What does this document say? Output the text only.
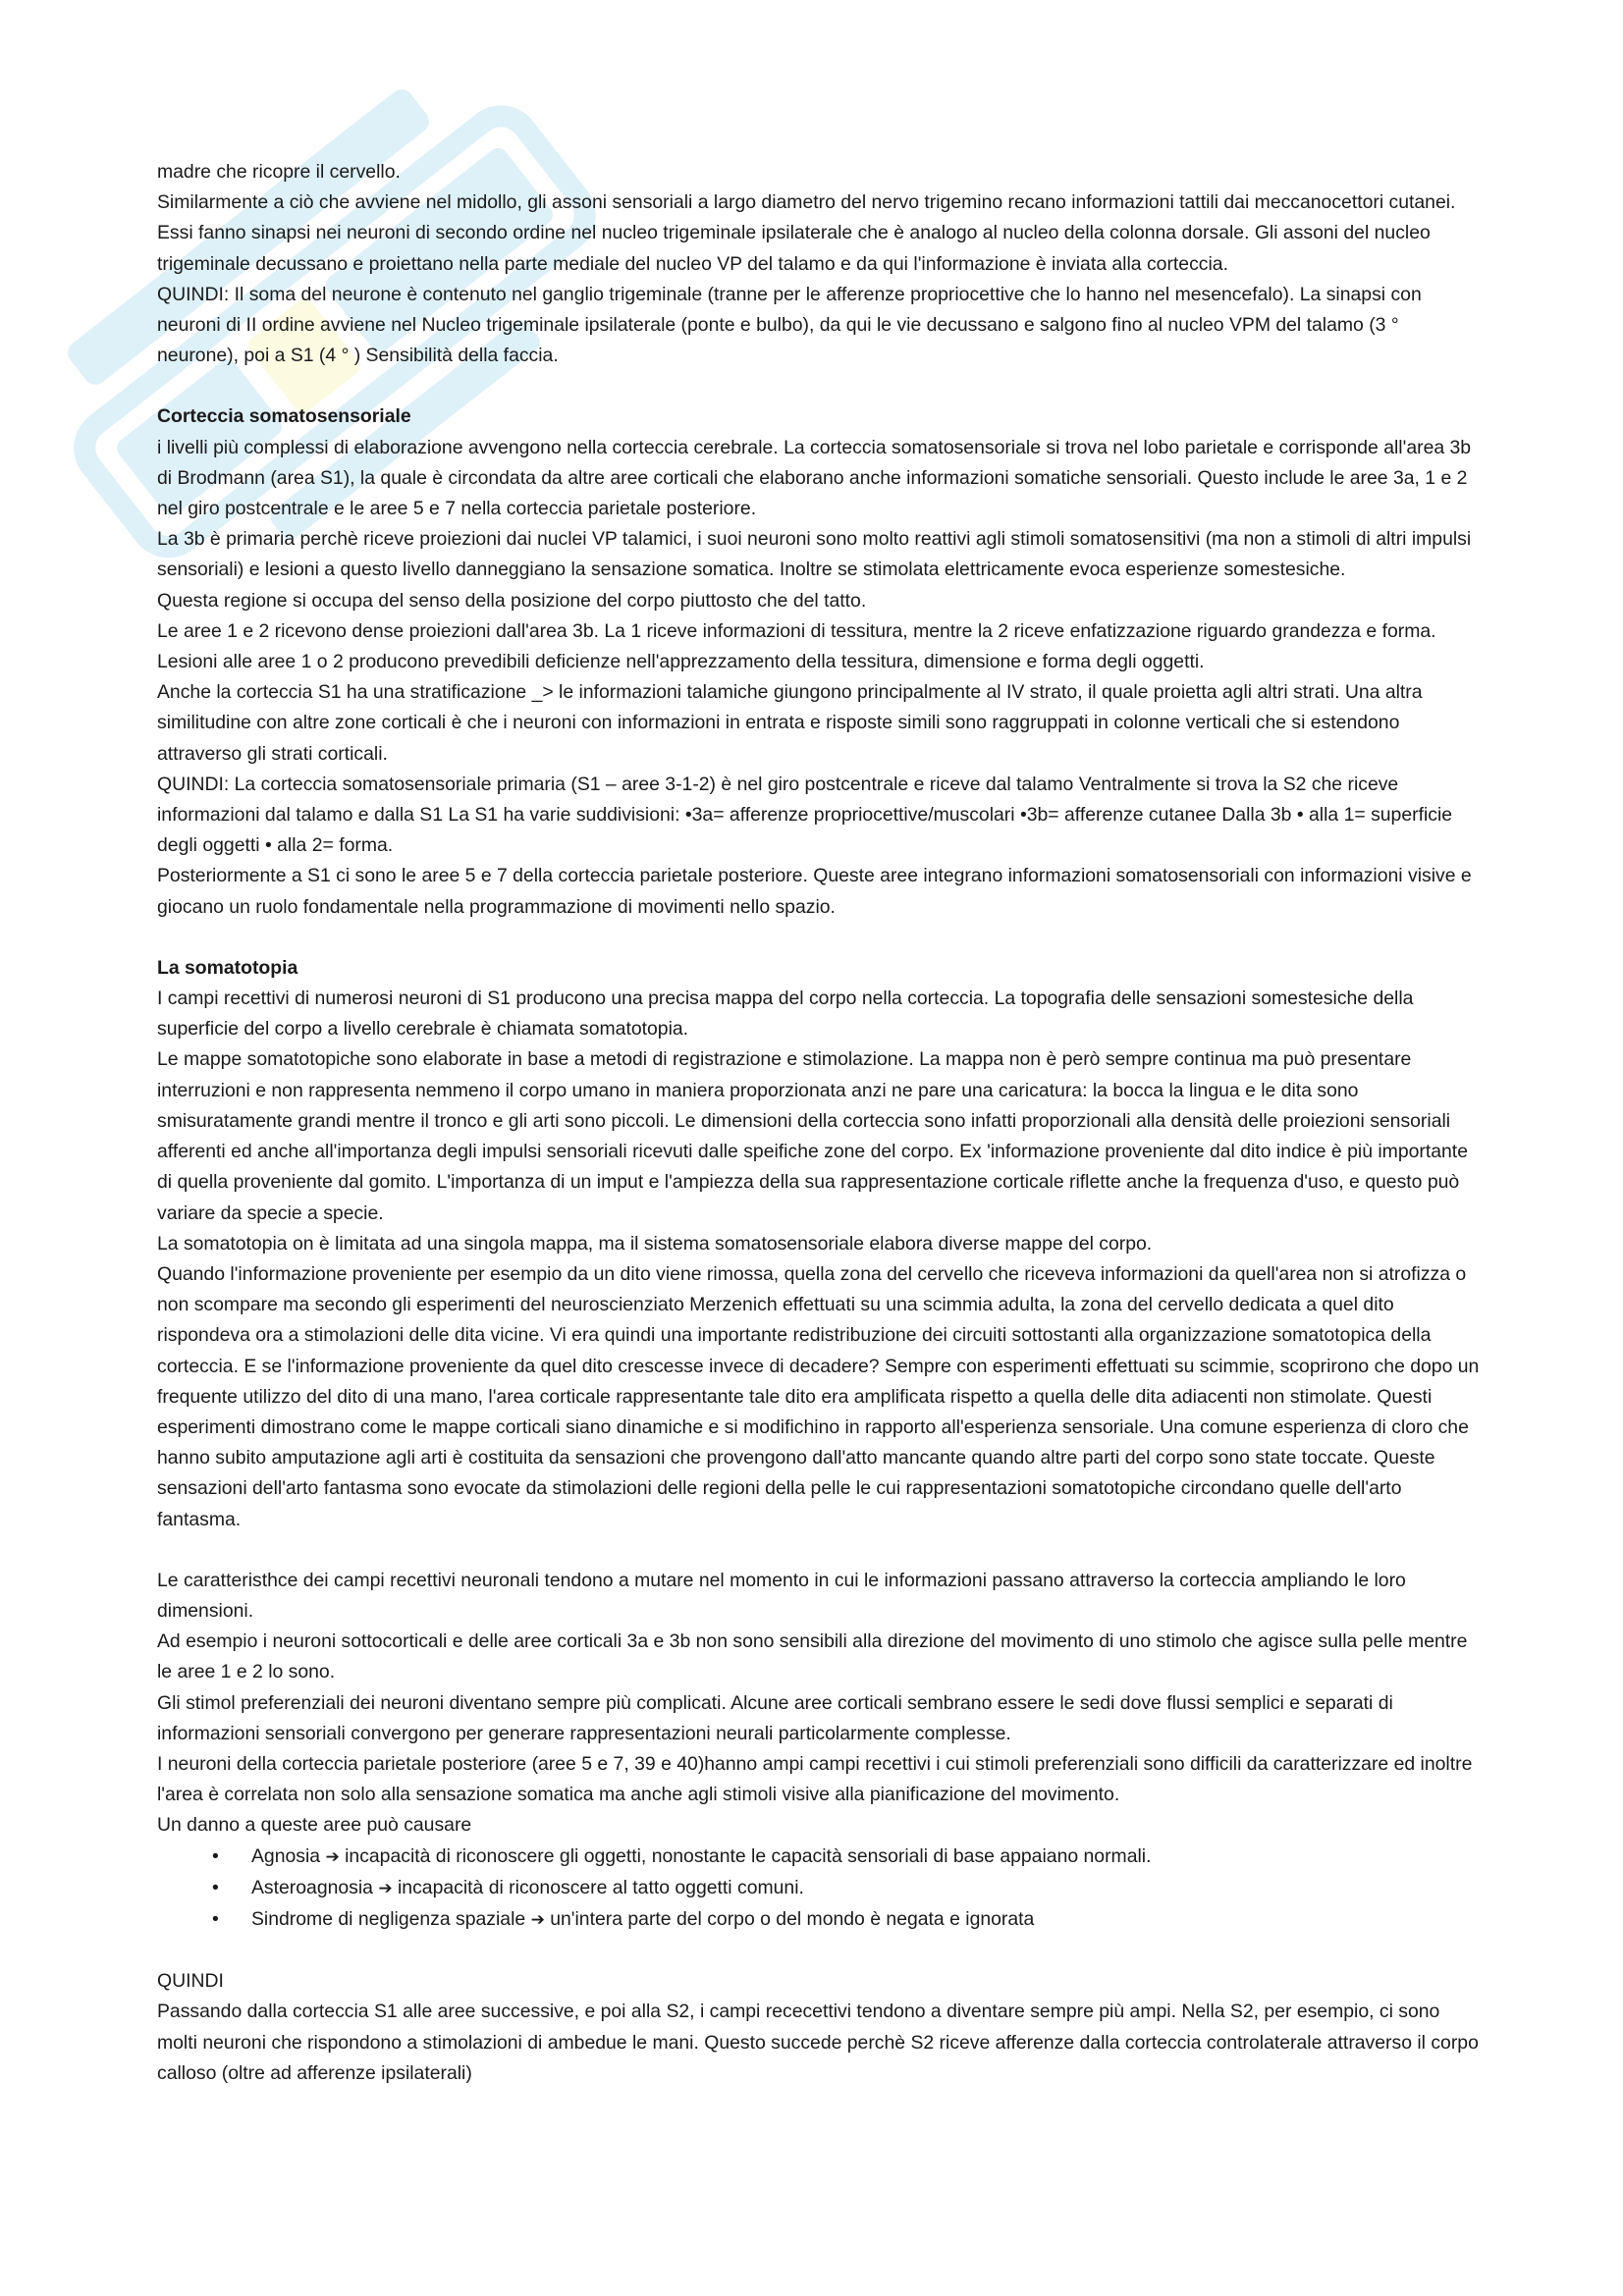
madre che ricopre il cervello.

Similarmente a ciò che avviene nel midollo, gli assoni sensoriali a largo diametro del nervo trigemino recano informazioni tattili dai meccanocettori cutanei. Essi fanno sinapsi nei neuroni di secondo ordine nel nucleo trigeminale ipsilaterale che è analogo al nucleo della colonna dorsale. Gli assoni del nucleo trigeminale decussano e proiettano nella parte mediale del nucleo VP del talamo e da qui l'informazione è inviata alla corteccia.

QUINDI: Il soma del neurone è contenuto nel ganglio trigeminale (tranne per le afferenze propriocettive che lo hanno nel mesencefalo). La sinapsi con neuroni di II ordine avviene nel Nucleo trigeminale ipsilaterale (ponte e bulbo), da qui le vie decussano e salgono fino al nucleo VPM del talamo (3 ° neurone), poi a S1 (4 ° ) Sensibilità della faccia.

Corteccia somatosensoriale

i livelli più complessi di elaborazione avvengono nella corteccia cerebrale. La corteccia somatosensoriale si trova nel lobo parietale e corrisponde all'area 3b di Brodmann (area S1), la quale è circondata da altre aree corticali che elaborano anche informazioni somatiche sensoriali. Questo include le aree 3a, 1 e 2 nel giro postcentrale e le aree 5 e 7 nella corteccia parietale posteriore.

La 3b è primaria perchè riceve proiezioni dai nuclei VP talamici, i suoi neuroni sono molto reattivi agli stimoli somatosensitivi (ma non a stimoli di altri impulsi sensoriali) e lesioni a questo livello danneggiano la sensazione somatica. Inoltre se stimolata elettricamente evoca esperienze somestesiche.

Questa regione si occupa del senso della posizione del corpo piuttosto che del tatto.

Le aree 1 e 2 ricevono dense proiezioni dall'area 3b. La 1 riceve informazioni di tessitura, mentre la 2 riceve enfatizzazione riguardo grandezza e forma. Lesioni alle aree 1 o 2 producono prevedibili deficienze nell'apprezzamento della tessitura, dimensione e forma degli oggetti.

Anche la corteccia S1 ha una stratificazione _> le informazioni talamiche giungono principalmente al IV strato, il quale proietta agli altri strati. Una altra similitudine con altre zone corticali è che i neuroni con informazioni in entrata e risposte simili sono raggruppati in colonne verticali che si estendono attraverso gli strati corticali.

QUINDI: La corteccia somatosensoriale primaria (S1 – aree 3-1-2) è nel giro postcentrale e riceve dal talamo Ventralmente si trova la S2 che riceve informazioni dal talamo e dalla S1 La S1 ha varie suddivisioni: •3a= afferenze propriocettive/muscolari •3b= afferenze cutanee Dalla 3b • alla 1= superficie degli oggetti • alla 2= forma.

Posteriormente a S1 ci sono le aree 5 e 7 della corteccia parietale posteriore. Queste aree integrano informazioni somatosensoriali con informazioni visive e giocano un ruolo fondamentale nella programmazione di movimenti nello spazio.

La somatotopia

I campi recettivi di numerosi neuroni di S1 producono una precisa mappa del corpo nella corteccia. La topografia delle sensazioni somestesiche della superficie del corpo a livello cerebrale è chiamata somatotopia.

Le mappe somatotopiche sono elaborate in base a metodi di registrazione e stimolazione. La mappa non è però sempre continua ma può presentare interruzioni e non rappresenta nemmeno il corpo umano in maniera proporzionata anzi ne pare una caricatura: la bocca la lingua e le dita sono smisuratamente grandi mentre il tronco e gli arti sono piccoli. Le dimensioni della corteccia sono infatti proporzionali alla densità delle proiezioni sensoriali afferenti ed anche all'importanza degli impulsi sensoriali ricevuti dalle speifiche zone del corpo. Ex 'informazione proveniente dal dito indice è più importante di quella proveniente dal gomito. L'importanza di un imput e l'ampiezza della sua rappresentazione corticale riflette anche la frequenza d'uso, e questo può variare da specie a specie.

La somatotopia on è limitata ad una singola mappa, ma il sistema somatosensoriale elabora diverse mappe del corpo.

Quando l'informazione proveniente per esempio da un dito viene rimossa, quella zona del cervello che riceveva informazioni da quell'area non si atrofizza o non scompare ma secondo gli esperimenti del neuroscienziato Merzenich effettuati su una scimmia adulta, la zona del cervello dedicata a quel dito rispondeva ora a stimolazioni delle dita vicine. Vi era quindi una importante redistribuzione dei circuiti sottostanti alla organizzazione somatotopica della corteccia. E se l'informazione proveniente da quel dito crescesse invece di decadere? Sempre con esperimenti effettuati su scimmie, scoprirono che dopo un frequente utilizzo del dito di una mano, l'area corticale rappresentante tale dito era amplificata rispetto a quella delle dita adiacenti non stimolate. Questi esperimenti dimostrano come le mappe corticali siano dinamiche e si modifichino in rapporto all'esperienza sensoriale. Una comune esperienza di cloro che hanno subito amputazione agli arti è costituita da sensazioni che provengono dall'atto mancante quando altre parti del corpo sono state toccate. Queste sensazioni dell'arto fantasma sono evocate da stimolazioni delle regioni della pelle le cui rappresentazioni somatotopiche circondano quelle dell'arto fantasma.

Le caratteristhce dei campi recettivi neuronali tendono a mutare nel momento in cui le informazioni passano attraverso la corteccia ampliando le loro dimensioni.

Ad esempio i neuroni sottocorticali e delle aree corticali 3a e 3b non sono sensibili alla direzione del movimento di uno stimolo che agisce sulla pelle mentre le aree 1 e 2 lo sono.

Gli stimol preferenziali dei neuroni diventano sempre più complicati. Alcune aree corticali sembrano essere le sedi dove flussi semplici e separati di informazioni sensoriali convergono per generare rappresentazioni neurali particolarmente complesse.

I neuroni della corteccia parietale posteriore (aree 5 e 7, 39 e 40)hanno ampi campi recettivi i cui stimoli preferenziali sono difficili da caratterizzare ed inoltre l'area è correlata non solo alla sensazione somatica ma anche agli stimoli visive alla pianificazione del movimento.

Un danno a queste aree può causare

• Agnosia ➔ incapacità di riconoscere gli oggetti, nonostante le capacità sensoriali di base appaiano normali.
• Asteroagnosia ➔ incapacità di riconoscere al tatto oggetti comuni.
• Sindrome di negligenza spaziale ➔ un'intera parte del corpo o del mondo è negata e ignorata

QUINDI

Passando dalla corteccia S1 alle aree successive, e poi alla S2, i campi rececettivi tendono a diventare sempre più ampi. Nella S2, per esempio, ci sono molti neuroni che rispondono a stimolazioni di ambedue le mani. Questo succede perchè S2 riceve afferenze dalla corteccia controlaterale attraverso il corpo calloso (oltre ad afferenze ipsilaterali)
